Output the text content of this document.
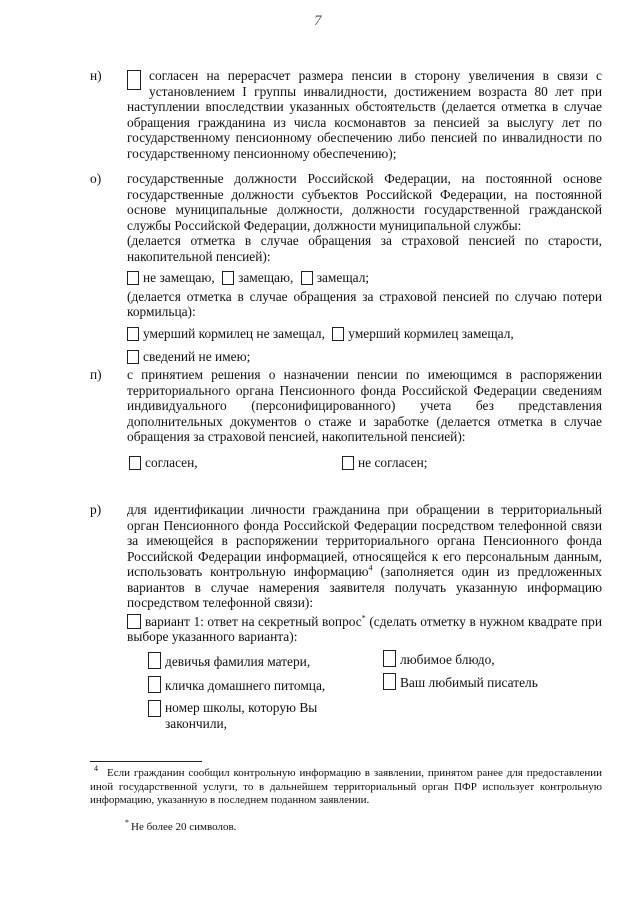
7
н)	согласен на перерасчет размера пенсии в сторону увеличения в связи с установлением I группы инвалидности, достижением возраста 80 лет при наступлении впоследствии указанных обстоятельств (делается отметка в случае обращения гражданина из числа космонавтов за пенсией за выслугу лет по государственному пенсионному обеспечению либо пенсией по инвалидности по государственному пенсионному обеспечению);

о) государственные должности Российской Федерации, на постоянной основе государственные должности субъектов Российской Федерации, на постоянной основе муниципальные должности, должности государственной гражданской службы Российской Федерации, должности муниципальной службы:

(делается отметка в случае обращения за страховой пенсией по старости, накопительной пенсией):

не замещаю, замещаю, замещал;

(делается отметка в случае обращения за страховой пенсией по случаю потери кормильца):

умерший кормилец не замещал, умерший кормилец замещал,
сведений не имею;
п) с принятием решения о назначении пенсии по имеющимся в распоряжении территориального органа Пенсионного фонда Российской Федерации сведениям индивидуального (персонифицированного) учета без представления дополнительных документов о стаже и заработке (делается отметка в случае обращения за страховой пенсией, накопительной пенсией):

согласен,	не согласен;
р) для идентификации личности гражданина при обращении в территориальный орган Пенсионного фонда Российской Федерации посредством телефонной связи за имеющейся в распоряжении территориального органа Пенсионного фонда Российской Федерации информацией, относящейся к его персональным данным, использовать контрольную информацию$^4$ (заполняется один из предложенных вариантов в случае намерения заявителя получать указанную информацию посредством телефонной связи):

вариант 1: ответ на секретный вопрос* (сделать отметку в нужном квадрате при выборе указанного варианта):

девичья фамилия матери,	любимое блюдо,
кличка домашнего питомца,	Ваш любимый писатель
номер школы, которую Вы закончили,
$^4$ Если гражданин сообщил контрольную информацию в заявлении, принятом ранее для предоставлении иной государственной услуги, то в дальнейшем территориальный орган ПФР использует контрольную информацию, указанную в последнем поданном заявлении.
* Не более 20 символов.
